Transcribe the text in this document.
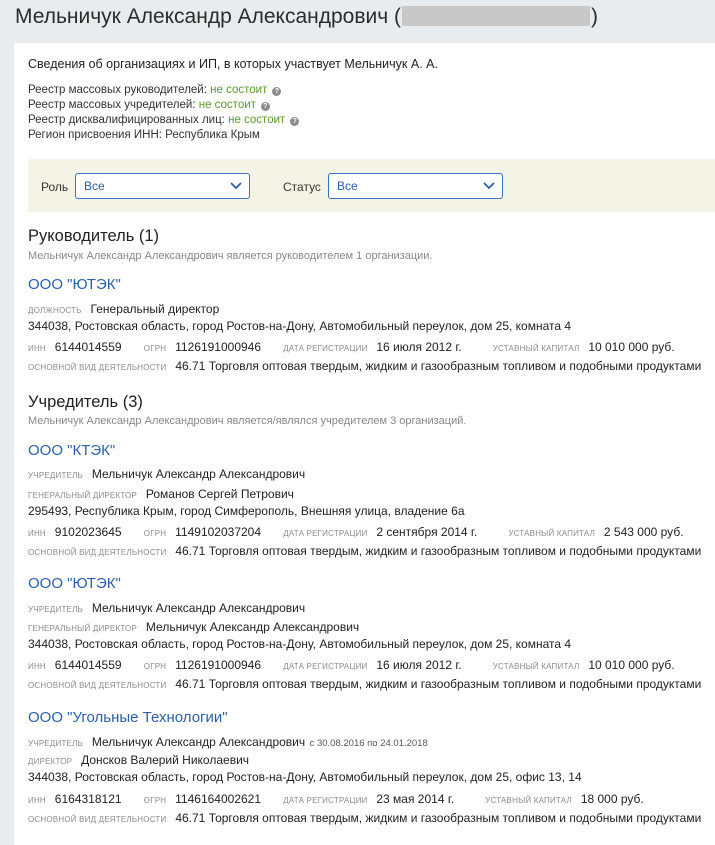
Мельничук Александр Александрович (	)
Сведения об организациях и ИП, в которых участвует Мельничук А. А.
Реестр массовых руководителей: не состоит ?
Реестр массовых учредителей: не состоит ?
Реестр дисквалифицированных лиц: не состоит ?
Регион присвоения ИНН: Республика Крым
Роль	Все	Статус	Все
Руководитель (1)
Мельничук Александр Александрович является руководителем 1 организации.
ООО "ЮТЭК"
ДОЛЖНОСТЬ Генеральный директор
344038, Ростовская область, город Ростов-на-Дону, Автомобильный переулок, дом 25, комната 4
ИНН 6144014559	ОГРН 1126191000946	ДАТА РЕГИСТРАЦИИ 16 июля 2012 г.	УСТАВНЫЙ КАПИТАЛ 10 010 000 руб.
ОСНОВНОЙ ВИД ДЕЯТЕЛЬНОСТИ 46.71 Торговля оптовая твердым, жидким и газообразным топливом и подобными продуктами
Учредитель (3)
Мельничук Александр Александрович является/являлся учредителем 3 организаций.
ООО "КТЭК"
УЧРЕДИТЕЛЬ Мельничук Александр Александрович
ГЕНЕРАЛЬНЫЙ ДИРЕКТОР Романов Сергей Петрович
295493, Республика Крым, город Симферополь, Внешняя улица, владение 6а
ИНН 9102023645	ОГРН 1149102037204	ДАТА РЕГИСТРАЦИИ 2 сентября 2014 г.	УСТАВНЫЙ КАПИТАЛ 2 543 000 руб.
ОСНОВНОЙ ВИД ДЕЯТЕЛЬНОСТИ 46.71 Торговля оптовая твердым, жидким и газообразным топливом и подобными продуктами
ООО "ЮТЭК"
УЧРЕДИТЕЛЬ Мельничук Александр Александрович
ГЕНЕРАЛЬНЫЙ ДИРЕКТОР Мельничук Александр Александрович
344038, Ростовская область, город Ростов-на-Дону, Автомобильный переулок, дом 25, комната 4
ИНН 6144014559	ОГРН 1126191000946	ДАТА РЕГИСТРАЦИИ 16 июля 2012 г.	УСТАВНЫЙ КАПИТАЛ 10 010 000 руб.
ОСНОВНОЙ ВИД ДЕЯТЕЛЬНОСТИ 46.71 Торговля оптовая твердым, жидким и газообразным топливом и подобными продуктами
ООО "Угольные Технологии"
УЧРЕДИТЕЛЬ Мельничук Александр Александрович с 30.08.2016 по 24.01.2018
ДИРЕКТОР Донсков Валерий Николаевич
344038, Ростовская область, город Ростов-на-Дону, Автомобильный переулок, дом 25, офис 13, 14
ИНН 6164318121	ОГРН 1146164002621	ДАТА РЕГИСТРАЦИИ 23 мая 2014 г.	УСТАВНЫЙ КАПИТАЛ 18 000 руб.
ОСНОВНОЙ ВИД ДЕЯТЕЛЬНОСТИ 46.71 Торговля оптовая твердым, жидким и газообразным топливом и подобными продуктами
